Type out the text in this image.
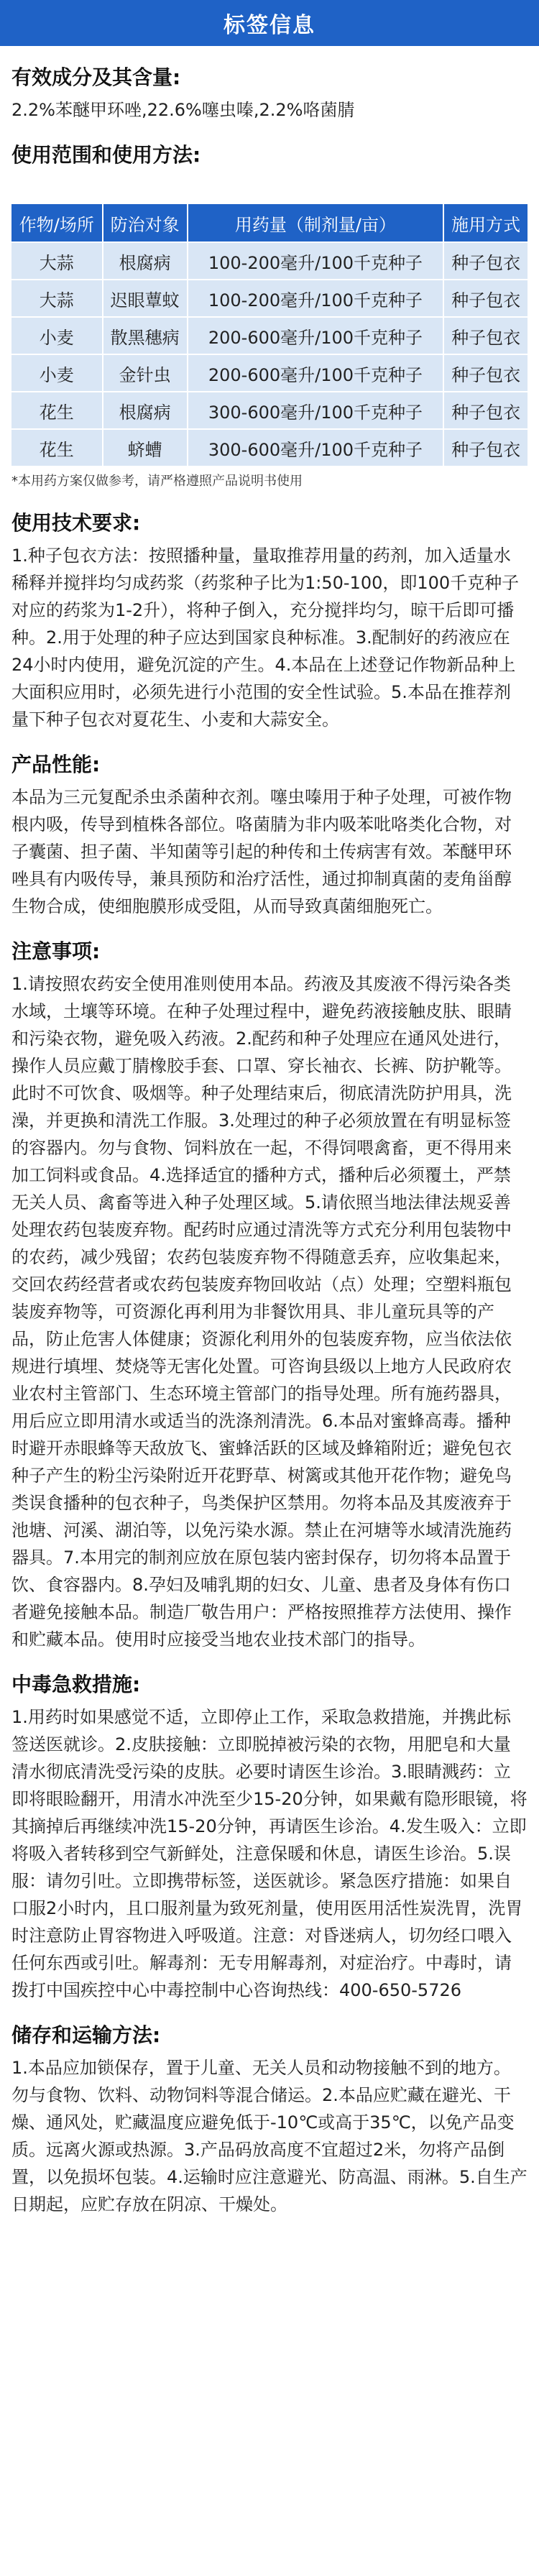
标签信息
有效成分及其含量:
2.2%苯醚甲环唑,22.6%噻虫嗪,2.2%咯菌腈
使用范围和使用方法:
作物/场所	防治对象	用药量（制剂量/亩）	施用方式
大蒜	根腐病	100-200毫升/100千克种子	种子包衣
大蒜	迟眼蕈蚊	100-200毫升/100千克种子	种子包衣
小麦	散黑穗病	200-600毫升/100千克种子	种子包衣
小麦	金针虫	200-600毫升/100千克种子	种子包衣
花生	根腐病	300-600毫升/100千克种子	种子包衣
花生	蛴螬	300-600毫升/100千克种子	种子包衣
*本用药方案仅做参考，请严格遵照产品说明书使用
使用技术要求:
1.种子包衣方法：按照播种量，量取推荐用量的药剂，加入适量水稀释并搅拌均匀成药浆（药浆种子比为1:50-100，即100千克种子对应的药浆为1-2升），将种子倒入，充分搅拌均匀，晾干后即可播种。2.用于处理的种子应达到国家良种标准。3.配制好的药液应在24小时内使用，避免沉淀的产生。4.本品在上述登记作物新品种上大面积应用时，必须先进行小范围的安全性试验。5.本品在推荐剂量下种子包衣对夏花生、小麦和大蒜安全。
产品性能:
本品为三元复配杀虫杀菌种衣剂。噻虫嗪用于种子处理，可被作物根内吸，传导到植株各部位。咯菌腈为非内吸苯吡咯类化合物，对子囊菌、担子菌、半知菌等引起的种传和土传病害有效。苯醚甲环唑具有内吸传导，兼具预防和治疗活性，通过抑制真菌的麦角甾醇生物合成，使细胞膜形成受阻，从而导致真菌细胞死亡。
注意事项:
1.请按照农药安全使用准则使用本品。药液及其废液不得污染各类水域，土壤等环境。在种子处理过程中，避免药液接触皮肤、眼睛和污染衣物，避免吸入药液。2.配药和种子处理应在通风处进行，操作人员应戴丁腈橡胶手套、口罩、穿长袖衣、长裤、防护靴等。此时不可饮食、吸烟等。种子处理结束后，彻底清洗防护用具，洗澡，并更换和清洗工作服。3.处理过的种子必须放置在有明显标签的容器内。勿与食物、饲料放在一起，不得饲喂禽畜，更不得用来加工饲料或食品。4.选择适宜的播种方式，播种后必须覆土，严禁无关人员、禽畜等进入种子处理区域。5.请依照当地法律法规妥善处理农药包装废弃物。配药时应通过清洗等方式充分利用包装物中的农药，减少残留；农药包装废弃物不得随意丢弃，应收集起来，交回农药经营者或农药包装废弃物回收站（点）处理；空塑料瓶包装废弃物等，可资源化再利用为非餐饮用具、非儿童玩具等的产品，防止危害人体健康；资源化利用外的包装废弃物，应当依法依规进行填埋、焚烧等无害化处置。可咨询县级以上地方人民政府农业农村主管部门、生态环境主管部门的指导处理。所有施药器具，用后应立即用清水或适当的洗涤剂清洗。6.本品对蜜蜂高毒。播种时避开赤眼蜂等天敌放飞、蜜蜂活跃的区域及蜂箱附近；避免包衣种子产生的粉尘污染附近开花野草、树篱或其他开花作物；避免鸟类误食播种的包衣种子，鸟类保护区禁用。勿将本品及其废液弃于池塘、河溪、湖泊等，以免污染水源。禁止在河塘等水域清洗施药器具。7.本用完的制剂应放在原包装内密封保存，切勿将本品置于饮、食容器内。8.孕妇及哺乳期的妇女、儿童、患者及身体有伤口者避免接触本品。制造厂敬告用户：严格按照推荐方法使用、操作和贮藏本品。使用时应接受当地农业技术部门的指导。
中毒急救措施:
1.用药时如果感觉不适，立即停止工作，采取急救措施，并携此标签送医就诊。2.皮肤接触：立即脱掉被污染的衣物，用肥皂和大量清水彻底清洗受污染的皮肤。必要时请医生诊治。3.眼睛溅药：立即将眼睑翻开，用清水冲洗至少15-20分钟，如果戴有隐形眼镜，将其摘掉后再继续冲洗15-20分钟，再请医生诊治。4.发生吸入：立即将吸入者转移到空气新鲜处，注意保暖和休息，请医生诊治。5.误服：请勿引吐。立即携带标签，送医就诊。紧急医疗措施：如果自口服2小时内，且口服剂量为致死剂量，使用医用活性炭洗胃，洗胃时注意防止胃容物进入呼吸道。注意：对昏迷病人，切勿经口喂入任何东西或引吐。解毒剂：无专用解毒剂，对症治疗。中毒时，请拨打中国疾控中心中毒控制中心咨询热线：400-650-5726
储存和运输方法:
1.本品应加锁保存，置于儿童、无关人员和动物接触不到的地方。勿与食物、饮料、动物饲料等混合储运。2.本品应贮藏在避光、干燥、通风处，贮藏温度应避免低于-10℃或高于35℃，以免产品变质。远离火源或热源。3.产品码放高度不宜超过2米，勿将产品倒置，以免损坏包装。4.运输时应注意避光、防高温、雨淋。5.自生产日期起，应贮存放在阴凉、干燥处。
